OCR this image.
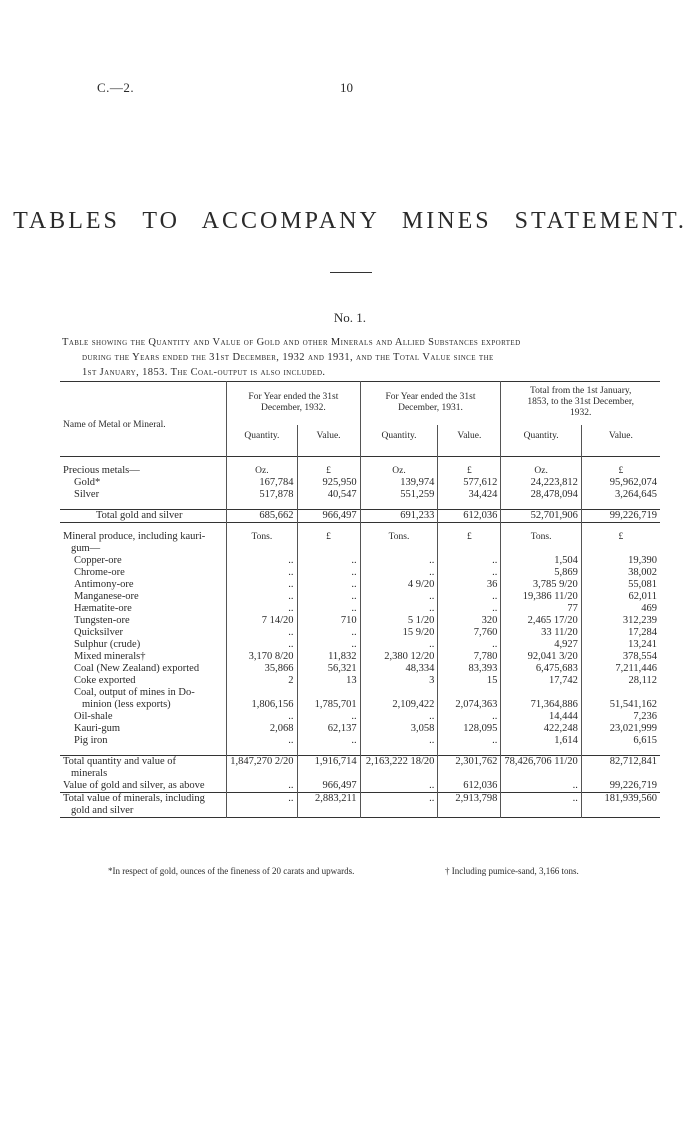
C.—2.	10
TABLES TO ACCOMPANY MINES STATEMENT.
No. 1.
Table showing the Quantity and Value of Gold and other Minerals and Allied Substances exported
during the Years ended the 31st December, 1932 and 1931, and the Total Value since the
1st January, 1853. The Coal-output is also included.
Name of Metal or Mineral.	For Year ended the 31st December, 1932.		For Year ended the 31st December, 1931.		Total from the 1st January, 1853, to the 31st December, 1932.	
	Quantity.	Value.	Quantity.	Value.	Quantity.	Value.

Precious metals—	Oz.	£	Oz.	£	Oz.	£
Gold*	167,784	925,950	139,974	577,612	24,223,812	95,962,074
Silver	517,878	40,547	551,259	34,424	28,478,094	3,264,645

Total gold and silver	685,662	966,497	691,233	612,036	52,701,906	99,226,719

Mineral produce, including kauri-
gum—	Tons.	£	Tons.	£	Tons.	£
Copper-ore	..	..	..	..	1,504	19,390
Chrome-ore	..	..	..	..	5,869	38,002
Antimony-ore	..	..	4 9/20	36	3,785 9/20	55,081
Manganese-ore	..	..	..	..	19,386 11/20	62,011
Hæmatite-ore	..	..	..	..	77	469
Tungsten-ore	7 14/20	710	5 1/20	320	2,465 17/20	312,239
Quicksilver	..	..	15 9/20	7,760	33 11/20	17,284
Sulphur (crude)	..	..	..	..	4,927	13,241
Mixed minerals†	3,170 8/20	11,832	2,380 12/20	7,780	92,041 3/20	378,554
Coal (New Zealand) exported	35,866	56,321	48,334	83,393	6,475,683	7,211,446
Coke exported	2	13	3	15	17,742	28,112
Coal, output of mines in Do-
minion (less exports)	1,806,156	1,785,701	2,109,422	2,074,363	71,364,886	51,541,162
Oil-shale	..	..	..	..	14,444	7,236
Kauri-gum	2,068	62,137	3,058	128,095	422,248	23,021,999
Pig iron	..	..	..	..	1,614	6,615

Total quantity and value of
minerals	1,847,270 2/20	1,916,714	2,163,222 18/20	2,301,762	78,426,706 11/20	82,712,841
Value of gold and silver, as above	..	966,497	..	612,036	..	99,226,719
Total value of minerals, including
gold and silver	..	2,883,211	..	2,913,798	..	181,939,560
*In respect of gold, ounces of the fineness of 20 carats and upwards.	† Including pumice-sand, 3,166 tons.
